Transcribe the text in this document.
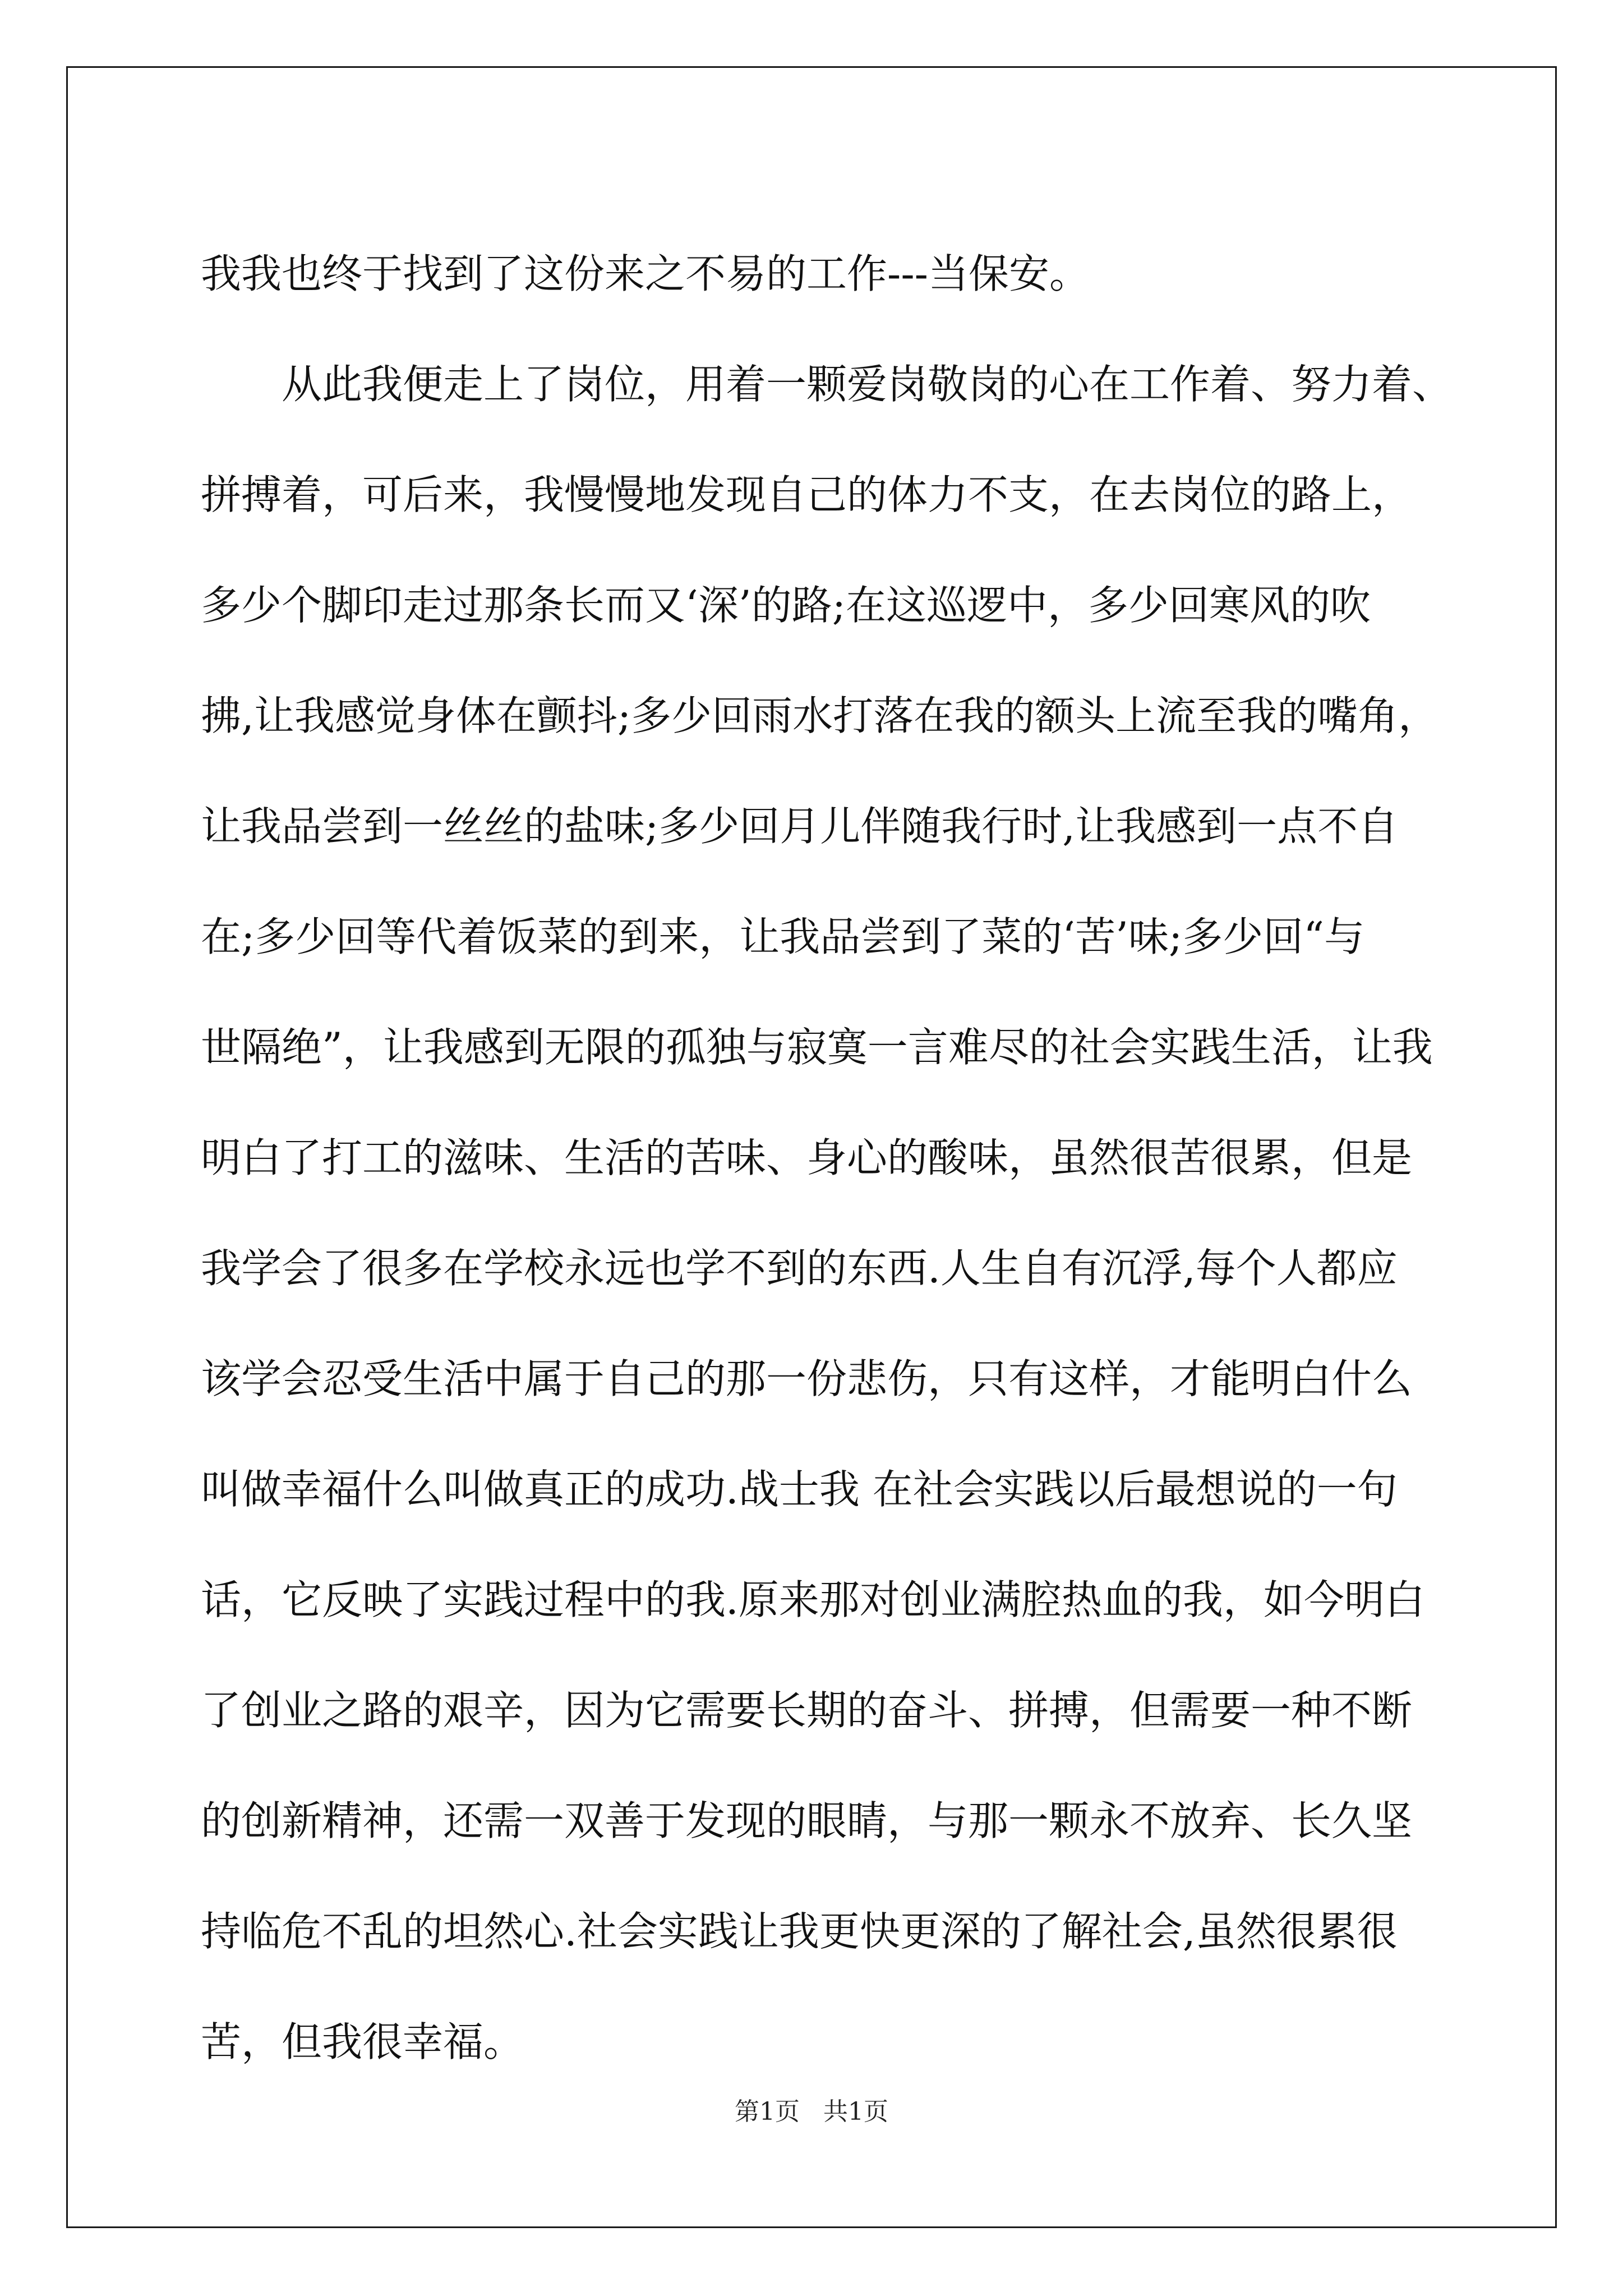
我我也终于找到了这份来之不易的工作---当保安。
从此我便走上了岗位，用着一颗爱岗敬岗的心在工作着、努力着、
拼搏着，可后来，我慢慢地发现自己的体力不支，在去岗位的路上，
多少个脚印走过那条长而又‘深’的路;在这巡逻中，多少回寒风的吹
拂,让我感觉身体在颤抖;多少回雨水打落在我的额头上流至我的嘴角，
让我品尝到一丝丝的盐味;多少回月儿伴随我行时,让我感到一点不自
在;多少回等代着饭菜的到来，让我品尝到了菜的‘苦’味;多少回“与
世隔绝”，让我感到无限的孤独与寂寞一言难尽的社会实践生活，让我
明白了打工的滋味、生活的苦味、身心的酸味，虽然很苦很累，但是
我学会了很多在学校永远也学不到的东西.人生自有沉浮,每个人都应
该学会忍受生活中属于自己的那一份悲伤，只有这样，才能明白什么
叫做幸福什么叫做真正的成功.战士我 在社会实践以后最想说的一句
话，它反映了实践过程中的我.原来那对创业满腔热血的我，如今明白
了创业之路的艰辛，因为它需要长期的奋斗、拼搏，但需要一种不断
的创新精神，还需一双善于发现的眼睛，与那一颗永不放弃、长久坚
持临危不乱的坦然心.社会实践让我更快更深的了解社会,虽然很累很
苦，但我很幸福。
第1页   共1页
